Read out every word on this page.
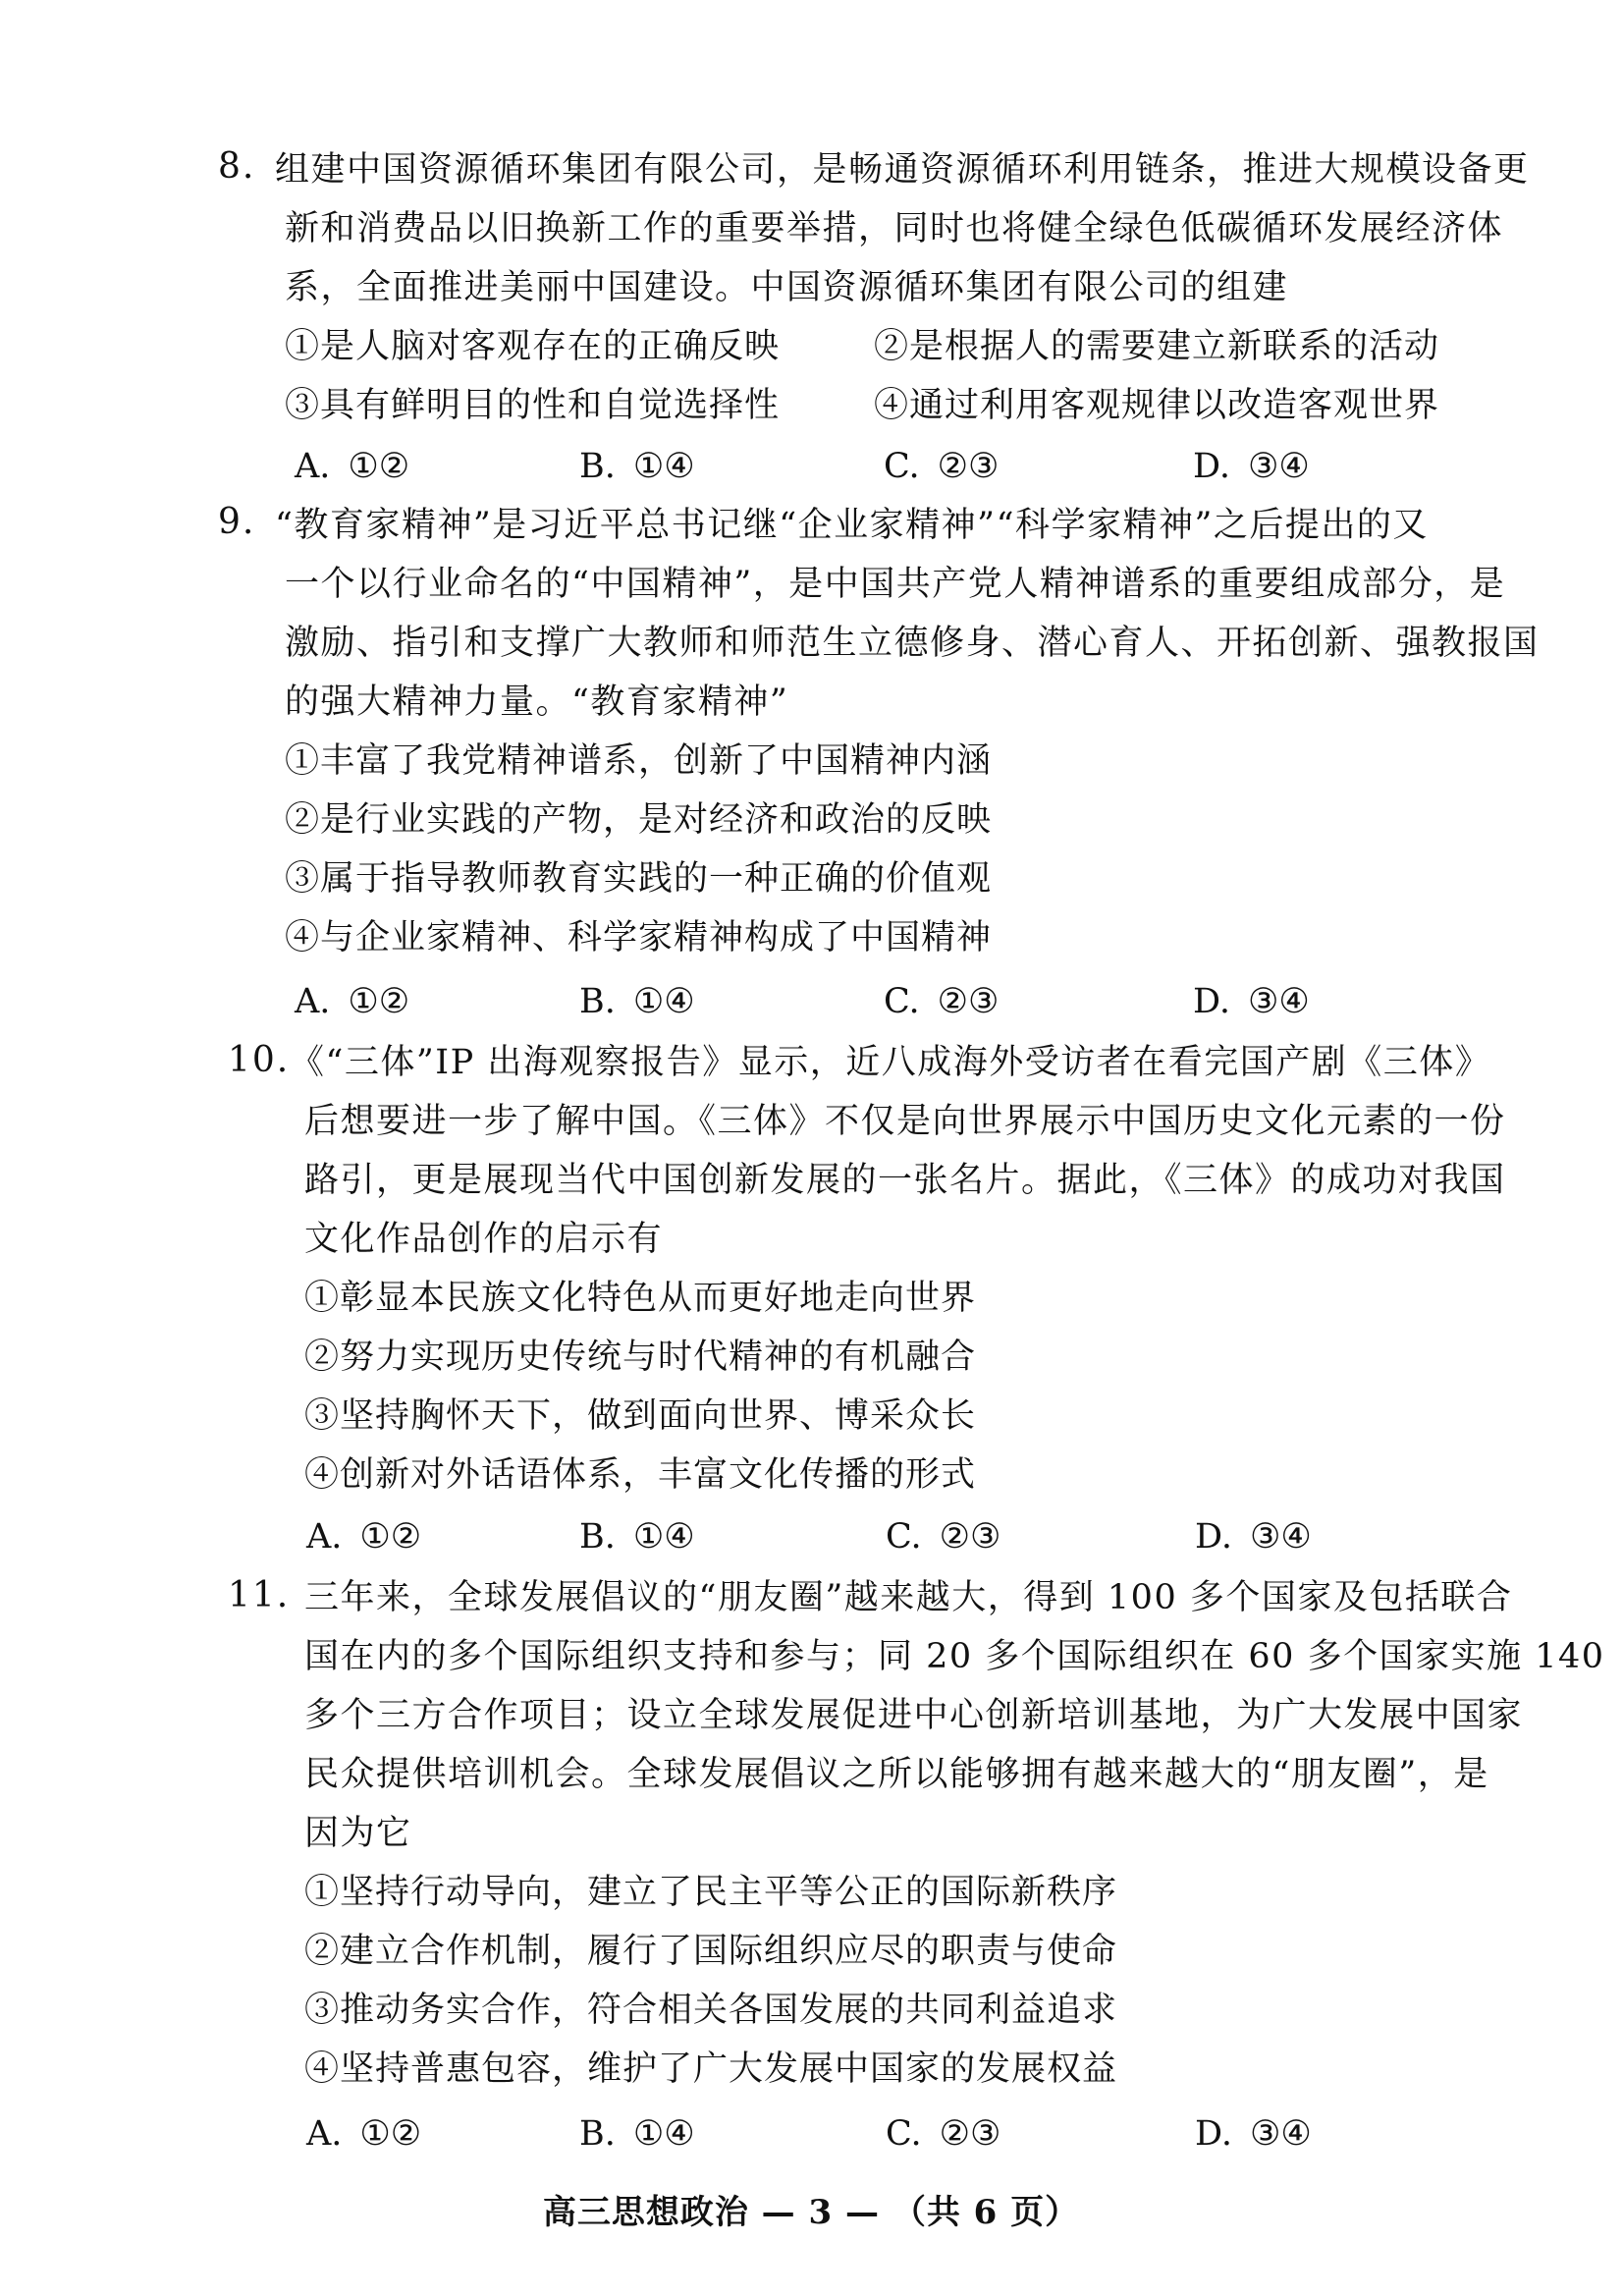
8. 组建中国资源循环集团有限公司，是畅通资源循环利用链条，推进大规模设备更
新和消费品以旧换新工作的重要举措，同时也将健全绿色低碳循环发展经济体
系，全面推进美丽中国建设。中国资源循环集团有限公司的组建
①是人脑对客观存在的正确反映	②是根据人的需要建立新联系的活动
③具有鲜明目的性和自觉选择性	④通过利用客观规律以改造客观世界
A. ①②	B. ①④	C. ②③	D. ③④
9. “教育家精神”是习近平总书记继“企业家精神”“科学家精神”之后提出的又
一个以行业命名的“中国精神”，是中国共产党人精神谱系的重要组成部分，是
激励、指引和支撑广大教师和师范生立德修身、潜心育人、开拓创新、强教报国
的强大精神力量。“教育家精神”
①丰富了我党精神谱系，创新了中国精神内涵
②是行业实践的产物，是对经济和政治的反映
③属于指导教师教育实践的一种正确的价值观
④与企业家精神、科学家精神构成了中国精神
A. ①②	B. ①④	C. ②③	D. ③④
10. 《“三体”IP 出海观察报告》显示，近八成海外受访者在看完国产剧《三体》
后想要进一步了解中国。《三体》不仅是向世界展示中国历史文化元素的一份
路引，更是展现当代中国创新发展的一张名片。据此，《三体》的成功对我国
文化作品创作的启示有
①彰显本民族文化特色从而更好地走向世界
②努力实现历史传统与时代精神的有机融合
③坚持胸怀天下，做到面向世界、博采众长
④创新对外话语体系，丰富文化传播的形式
A. ①②	B. ①④	C. ②③	D. ③④
11. 三年来，全球发展倡议的“朋友圈”越来越大，得到 100 多个国家及包括联合
国在内的多个国际组织支持和参与；同 20 多个国际组织在 60 多个国家实施 140
多个三方合作项目；设立全球发展促进中心创新培训基地，为广大发展中国家
民众提供培训机会。全球发展倡议之所以能够拥有越来越大的“朋友圈”，是
因为它
①坚持行动导向，建立了民主平等公正的国际新秩序
②建立合作机制，履行了国际组织应尽的职责与使命
③推动务实合作，符合相关各国发展的共同利益追求
④坚持普惠包容，维护了广大发展中国家的发展权益
A. ①②	B. ①④	C. ②③	D. ③④
高三思想政治 — 3 — （共 6 页）
